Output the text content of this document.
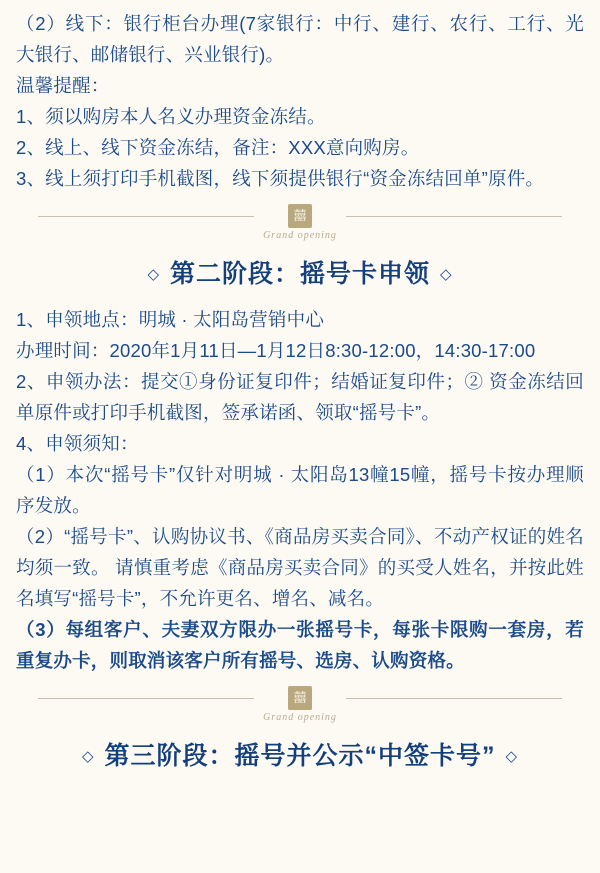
（2）线下：银行柜台办理(7家银行：中行、建行、农行、工行、光大银行、邮储银行、兴业银行)。

温馨提醒：

1、须以购房本人名义办理资金冻结。

2、线上、线下资金冻结，备注：XXX意向购房。

3、线上须打印手机截图，线下须提供银行“资金冻结回单”原件。

囍
Grand opening
◇ 第二阶段：摇号卡申领 ◇

1、申领地点：明城 · 太阳岛营销中心

办理时间：2020年1月11日—1月12日8:30-12:00，14:30-17:00

2、申领办法：提交①身份证复印件；结婚证复印件；② 资金冻结回单原件或打印手机截图，签承诺函、领取“摇号卡”。

4、申领须知：

（1）本次“摇号卡”仅针对明城 · 太阳岛13幢15幢，摇号卡按办理顺序发放。

（2）“摇号卡”、认购协议书、《商品房买卖合同》、不动产权证的姓名均须一致。 请慎重考虑《商品房买卖合同》的买受人姓名，并按此姓名填写“摇号卡”，不允许更名、增名、减名。

（3）每组客户、夫妻双方限办一张摇号卡，每张卡限购一套房，若重复办卡，则取消该客户所有摇号、选房、认购资格。

囍
Grand opening
◇ 第三阶段：摇号并公示“中签卡号” ◇
